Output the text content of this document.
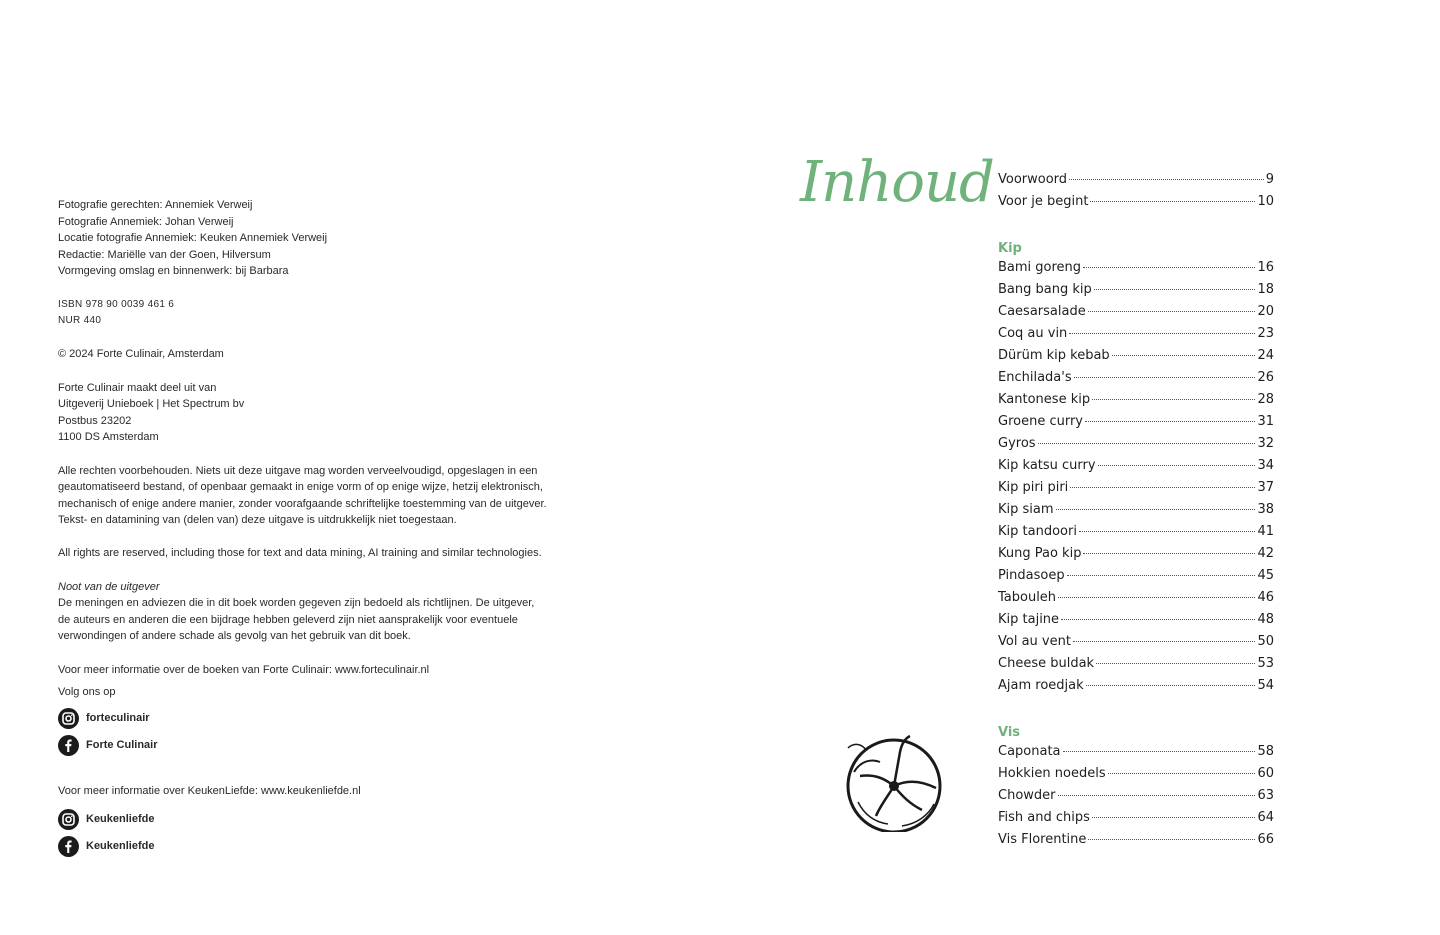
Fotografie gerechten: Annemiek Verweij

Fotografie Annemiek: Johan Verweij

Locatie fotografie Annemiek: Keuken Annemiek Verweij

Redactie: Mariëlle van der Goen, Hilversum

Vormgeving omslag en binnenwerk: bij Barbara

ISBN 978 90 0039 461 6

NUR 440

© 2024 Forte Culinair, Amsterdam

Forte Culinair maakt deel uit van

Uitgeverij Unieboek | Het Spectrum bv

Postbus 23202

1100 DS Amsterdam

Alle rechten voorbehouden. Niets uit deze uitgave mag worden verveelvoudigd, opgeslagen in een

geautomatiseerd bestand, of openbaar gemaakt in enige vorm of op enige wijze, hetzij elektronisch,

mechanisch of enige andere manier, zonder voorafgaande schriftelijke toestemming van de uitgever.

Tekst- en datamining van (delen van) deze uitgave is uitdrukkelijk niet toegestaan.

All rights are reserved, including those for text and data mining, AI training and similar technologies.

Noot van de uitgever

De meningen en adviezen die in dit boek worden gegeven zijn bedoeld als richtlijnen. De uitgever,

de auteurs en anderen die een bijdrage hebben geleverd zijn niet aansprakelijk voor eventuele

verwondingen of andere schade als gevolg van het gebruik van dit boek.

Voor meer informatie over de boeken van Forte Culinair: www.forteculinair.nl

Volg ons op

forteculinair
Forte Culinair

Voor meer informatie over KeukenLiefde: www.keukenliefde.nl

Keukenliefde
Keukenliefde
Inhoud Voorwoord	9
Voor je begint	10
Kip
Bami goreng	16
Bang bang kip	18
Caesarsalade	20
Coq au vin	23
Dürüm kip kebab	24
Enchilada's	26
Kantonese kip	28
Groene curry	31
Gyros	32
Kip katsu curry	34
Kip piri piri	37
Kip siam	38
Kip tandoori	41
Kung Pao kip	42
Pindasoep	45
Tabouleh	46
Kip tajine	48
Vol au vent	50
Cheese buldak	53
Ajam roedjak	54
Vis
Caponata	58
Hokkien noedels	60
Chowder	63
Fish and chips	64
Vis Florentine	66
